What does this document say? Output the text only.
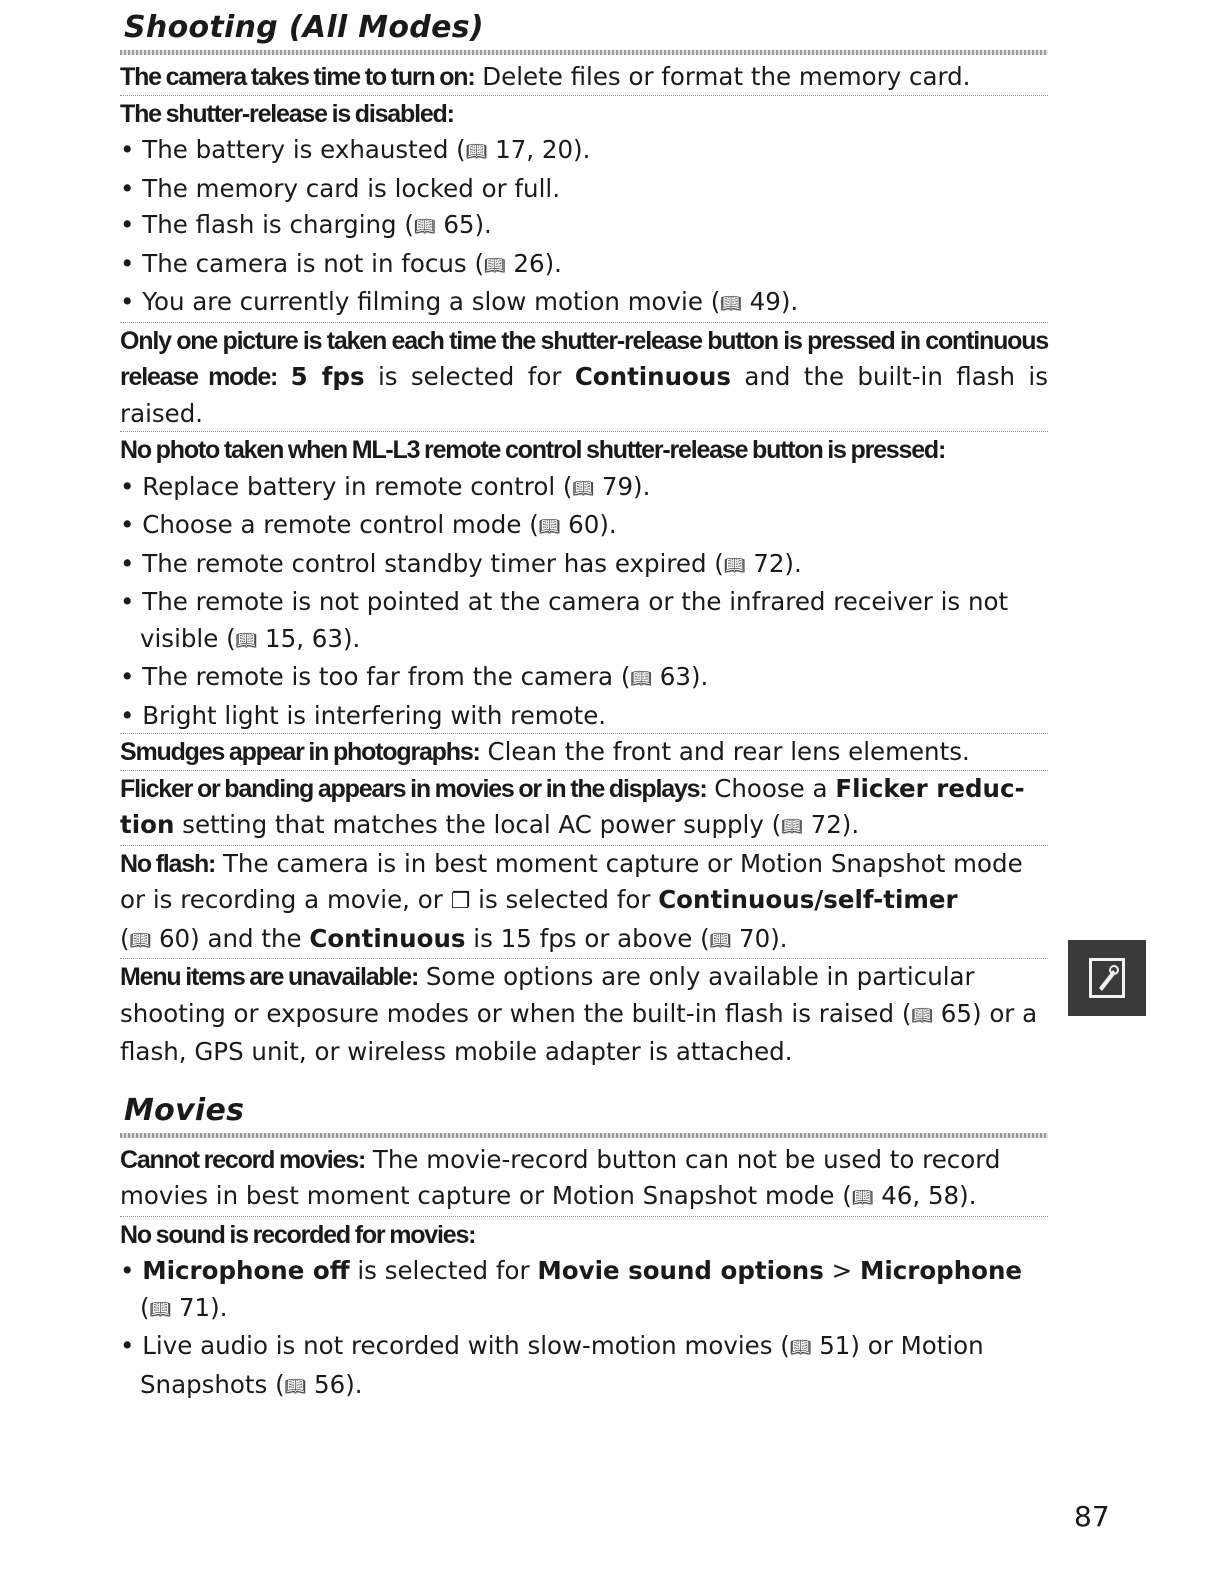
Shooting (All Modes)
The camera takes time to turn on: Delete files or format the memory card.
The shutter-release is disabled:
• The battery is exhausted (📖︎ 17, 20).
• The memory card is locked or full.
• The flash is charging (📖︎ 65).
• The camera is not in focus (📖︎ 26).
• You are currently filming a slow motion movie (📖︎ 49).
Only one picture is taken each time the shutter-release button is pressed in continuous release mode: 5 fps is selected for Continuous and the built-in flash is raised.
No photo taken when ML-L3 remote control shutter-release button is pressed:
• Replace battery in remote control (📖︎ 79).
• Choose a remote control mode (📖︎ 60).
• The remote control standby timer has expired (📖︎ 72).
• The remote is not pointed at the camera or the infrared receiver is not visible (📖︎ 15, 63).
• The remote is too far from the camera (📖︎ 63).
• Bright light is interfering with remote.
Smudges appear in photographs: Clean the front and rear lens elements.
Flicker or banding appears in movies or in the displays: Choose a Flicker reduc-
tion setting that matches the local AC power supply (📖︎ 72).
No flash: The camera is in best moment capture or Motion Snapshot mode or is recording a movie, or ❐ is selected for Continuous/self-timer
(📖︎ 60) and the Continuous is 15 fps or above (📖︎ 70).
Menu items are unavailable: Some options are only available in particular shooting or exposure modes or when the built-in flash is raised (📖︎ 65) or a flash, GPS unit, or wireless mobile adapter is attached.
Movies
Cannot record movies: The movie-record button can not be used to record movies in best moment capture or Motion Snapshot mode (📖︎ 46, 58).
No sound is recorded for movies:
• Microphone off is selected for Movie sound options > Microphone
(📖︎ 71).
• Live audio is not recorded with slow-motion movies (📖︎ 51) or Motion Snapshots (📖︎ 56).
87
